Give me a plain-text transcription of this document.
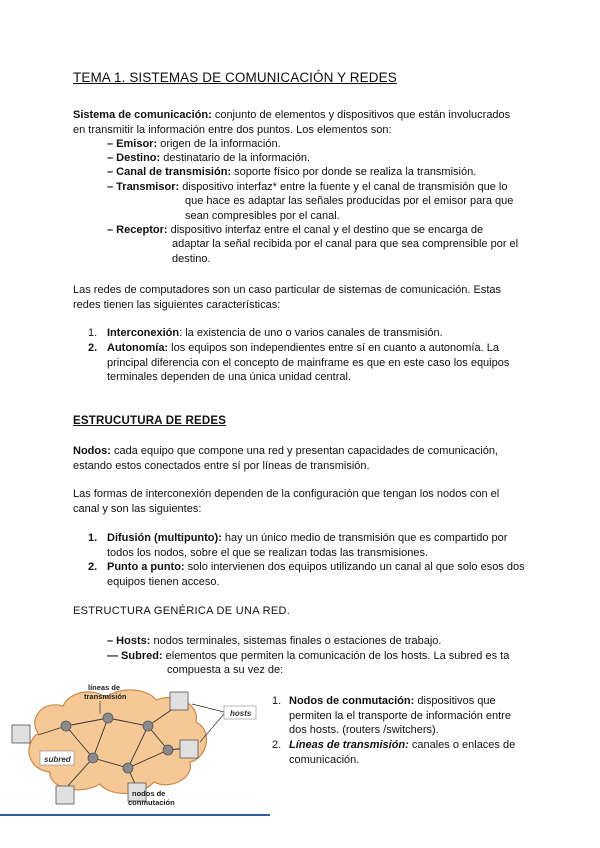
TEMA 1. SISTEMAS DE COMUNICACIÓN Y REDES
Sistema de comunicación: conjunto de elementos y dispositivos que están involucrados en transmitir la información entre dos puntos. Los elementos son:
– Emisor: origen de la información.
– Destino: destinatario de la información.
– Canal de transmisión: soporte físico por donde se realiza la transmisión.
– Transmisor: dispositivo interfaz* entre la fuente y el canal de transmisión que lo
que hace es adaptar las señales producidas por el emisor para que sean compresibles por el canal.
– Receptor: dispositivo interfaz entre el canal y el destino que se encarga de
adaptar la señal recibida por el canal para que sea comprensible por el destino.
Las redes de computadores son un caso particular de sistemas de comunicación. Estas redes tienen las siguientes características:
1. Interconexión: la existencia de uno o varios canales de transmisión.
2. Autonomía: los equipos son independientes entre sí en cuanto a autonomía. La principal diferencia con el concepto de mainframe es que en este caso los equipos terminales dependen de una única unidad central.
ESTRUCUTURA DE REDES
Nodos: cada equipo que compone una red y presentan capacidades de comunicación, estando estos conectados entre sí por líneas de transmisión.
Las formas de interconexión dependen de la configuración que tengan los nodos con el canal y son las siguientes:
1. Difusión (multipunto): hay un único medio de transmisión que es compartido por todos los nodos, sobre el que se realizan todas las transmisiones.
2. Punto a punto: solo intervienen dos equipos utilizando un canal al que solo esos dos equipos tienen acceso.
ESTRUCTURA GENÉRICA DE UNA RED.
– Hosts: nodos terminales, sistemas finales o estaciones de trabajo.
— Subred: elementos que permiten la comunicación de los hosts. La subred es ta
compuesta a su vez de:
1. Nodos de conmutación: dispositivos que permiten la el transporte de información entre dos hosts. (routers /switchers).
2. Líneas de transmisión: canales o enlaces de comunicación.
subred
hosts
líneas de transmisión
nodos de conmutación
